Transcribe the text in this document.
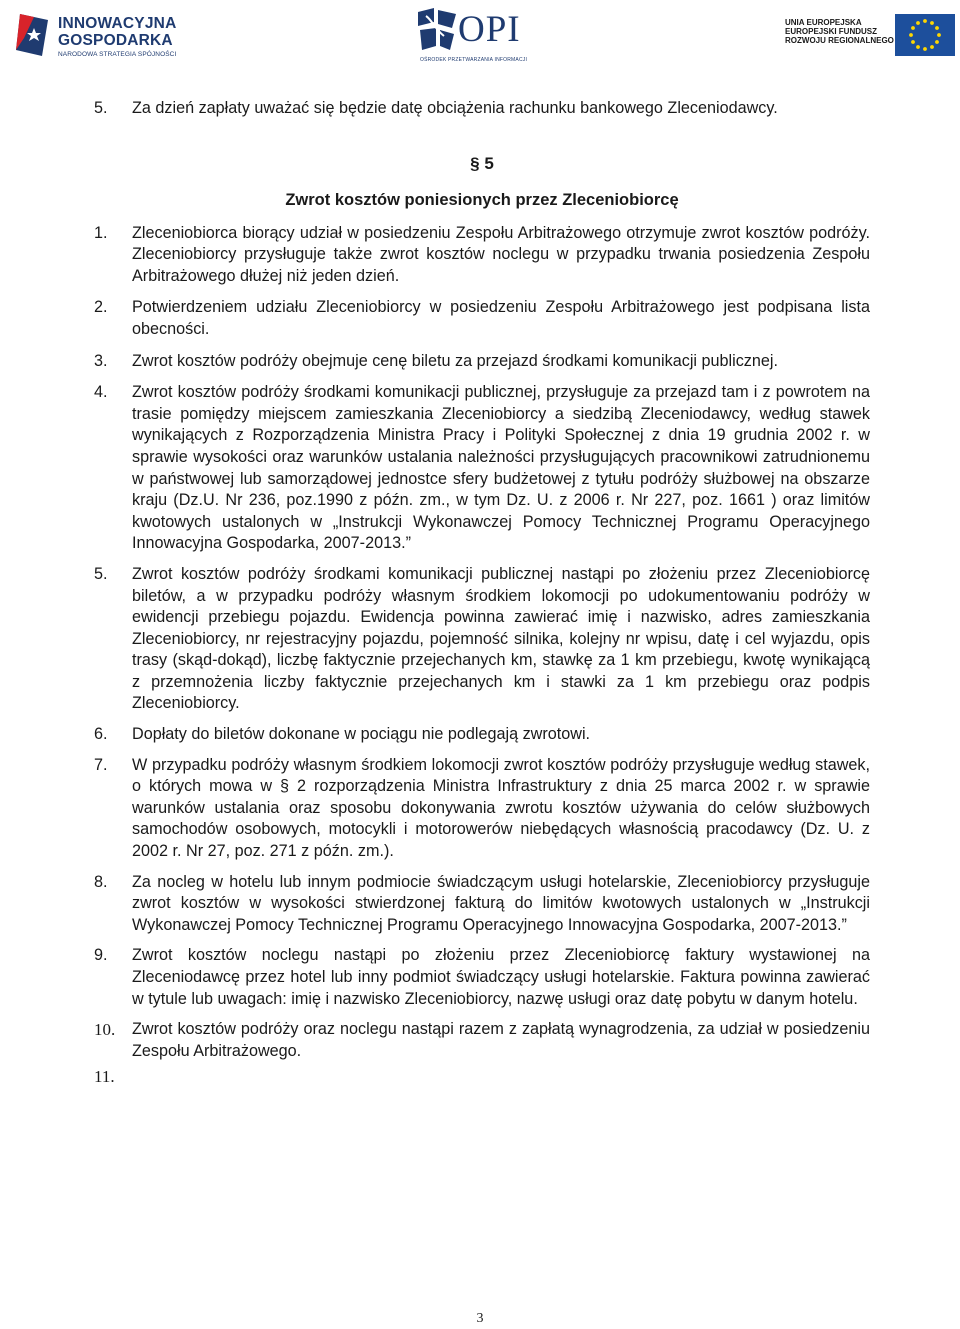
INNOWACYJNA
GOSPODARKA
NARODOWA STRATEGIA SPÓJNOŚCI
OPI
OŚRODEK PRZETWARZANIA INFORMACJI
UNIA EUROPEJSKA
EUROPEJSKI FUNDUSZ
ROZWOJU REGIONALNEGO
5. Za dzień zapłaty uważać się będzie datę obciążenia rachunku bankowego Zleceniodawcy.
§ 5
Zwrot kosztów poniesionych przez Zleceniobiorcę
1. Zleceniobiorca biorący udział w posiedzeniu Zespołu Arbitrażowego otrzymuje zwrot kosztów podróży. Zleceniobiorcy przysługuje także zwrot kosztów noclegu w przypadku trwania posiedzenia Zespołu Arbitrażowego dłużej niż jeden dzień.
2. Potwierdzeniem udziału Zleceniobiorcy w posiedzeniu Zespołu Arbitrażowego jest podpisana lista obecności.
3. Zwrot kosztów podróży obejmuje cenę biletu za przejazd środkami komunikacji publicznej.
4. Zwrot kosztów podróży środkami komunikacji publicznej, przysługuje za przejazd tam i z powrotem na trasie pomiędzy miejscem zamieszkania Zleceniobiorcy a siedzibą Zleceniodawcy, według stawek wynikających z Rozporządzenia Ministra Pracy i Polityki Społecznej z dnia 19 grudnia 2002 r. w sprawie wysokości oraz warunków ustalania należności przysługujących pracownikowi zatrudnionemu w państwowej lub samorządowej jednostce sfery budżetowej z tytułu podróży służbowej na obszarze kraju (Dz.U. Nr 236, poz.1990 z późn. zm., w tym Dz. U. z 2006 r. Nr 227, poz. 1661 ) oraz limitów kwotowych ustalonych w „Instrukcji Wykonawczej Pomocy Technicznej Programu Operacyjnego Innowacyjna Gospodarka, 2007-2013.”
5. Zwrot kosztów podróży środkami komunikacji publicznej nastąpi po złożeniu przez Zleceniobiorcę biletów, a w przypadku podróży własnym środkiem lokomocji po udokumentowaniu podróży w ewidencji przebiegu pojazdu. Ewidencja powinna zawierać imię i nazwisko, adres zamieszkania Zleceniobiorcy, nr rejestracyjny pojazdu, pojemność silnika, kolejny nr wpisu, datę i cel wyjazdu, opis trasy (skąd-dokąd), liczbę faktycznie przejechanych km, stawkę za 1 km przebiegu, kwotę wynikającą z przemnożenia liczby faktycznie przejechanych km i stawki za 1 km przebiegu oraz podpis Zleceniobiorcy.
6. Dopłaty do biletów dokonane w pociągu nie podlegają zwrotowi.
7. W przypadku podróży własnym środkiem lokomocji zwrot kosztów podróży przysługuje według stawek, o których mowa w § 2 rozporządzenia Ministra Infrastruktury z dnia 25 marca 2002 r. w sprawie warunków ustalania oraz sposobu dokonywania zwrotu kosztów używania do celów służbowych samochodów osobowych, motocykli i motorowerów niebędących własnością pracodawcy (Dz. U. z 2002 r. Nr 27, poz. 271 z późn. zm.).
8. Za nocleg w hotelu lub innym podmiocie świadczącym usługi hotelarskie, Zleceniobiorcy przysługuje zwrot kosztów w wysokości stwierdzonej fakturą do limitów kwotowych ustalonych w „Instrukcji Wykonawczej Pomocy Technicznej Programu Operacyjnego Innowacyjna Gospodarka, 2007-2013.”
9. Zwrot kosztów noclegu nastąpi po złożeniu przez Zleceniobiorcę faktury wystawionej na Zleceniodawcę przez hotel lub inny podmiot świadczący usługi hotelarskie. Faktura powinna zawierać w tytule lub uwagach: imię i nazwisko Zleceniobiorcy, nazwę usługi oraz datę pobytu w danym hotelu.
10. Zwrot kosztów podróży oraz noclegu nastąpi razem z zapłatą wynagrodzenia, za udział w posiedzeniu Zespołu Arbitrażowego.
11.
3
